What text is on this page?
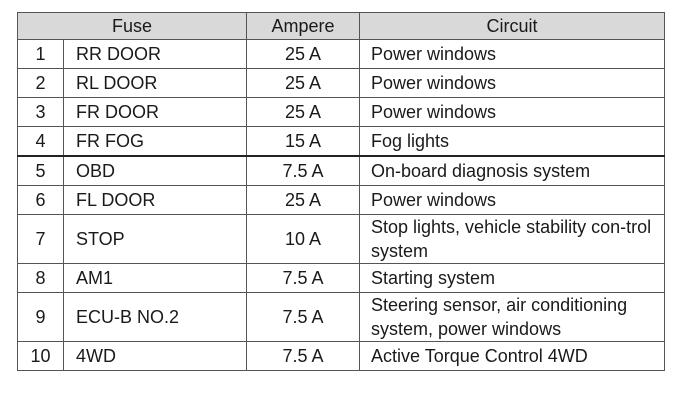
Fuse		Ampere	Circuit
1	RR DOOR	25 A	Power windows
2	RL DOOR	25 A	Power windows
3	FR DOOR	25 A	Power windows
4	FR FOG	15 A	Fog lights
5	OBD	7.5 A	On-board diagnosis system
6	FL DOOR	25 A	Power windows
7	STOP	10 A	Stop lights, vehicle stability con-trol system
8	AM1	7.5 A	Starting system
9	ECU-B NO.2	7.5 A	Steering sensor, air conditioning system, power windows
10	4WD	7.5 A	Active Torque Control 4WD
